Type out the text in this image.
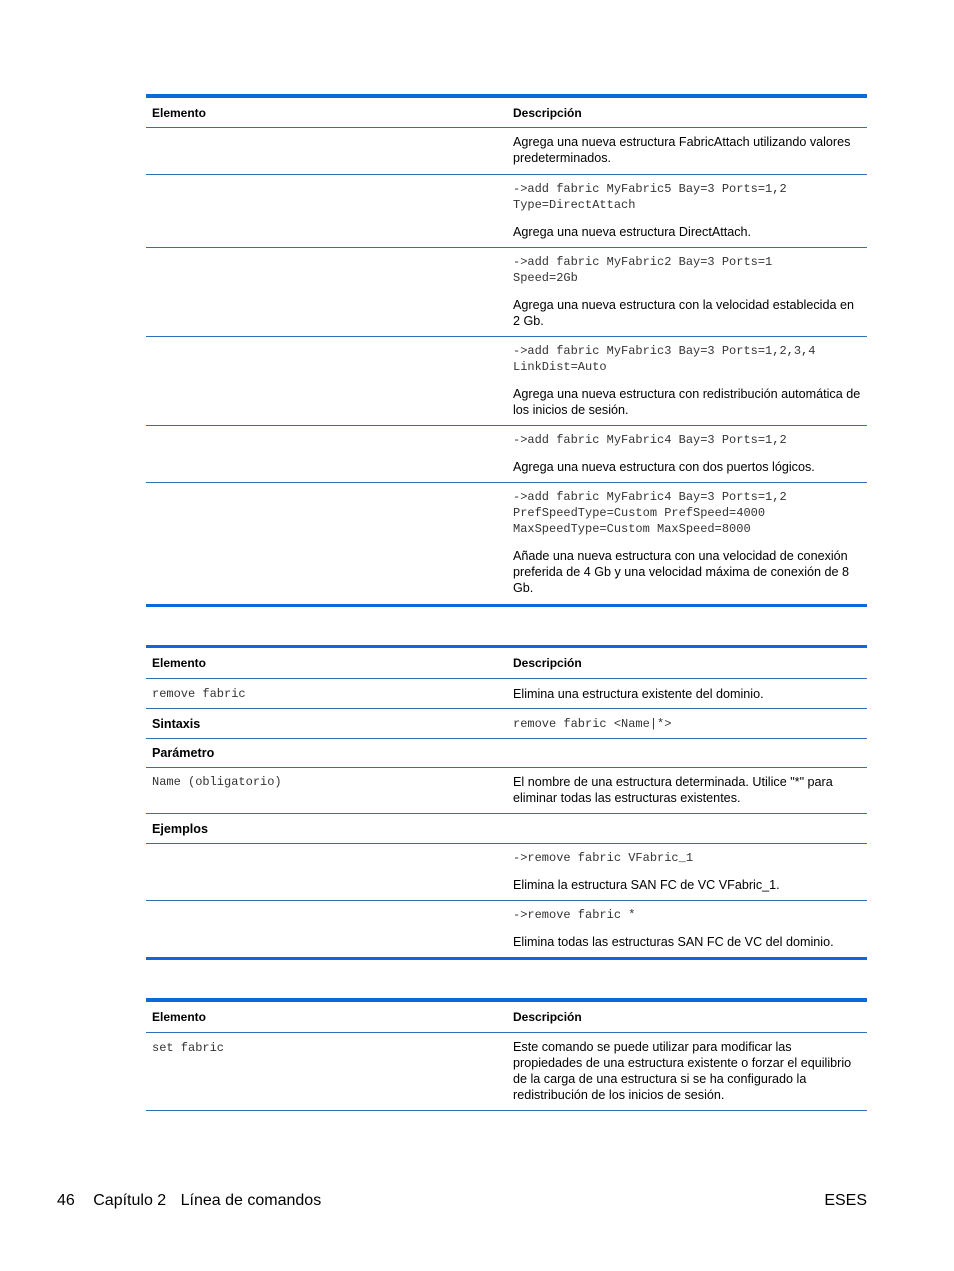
Elemento	Descripción
Agrega una nueva estructura FabricAttach utilizando valores predeterminados.
->add fabric MyFabric5 Bay=3 Ports=1,2
Type=DirectAttach
Agrega una nueva estructura DirectAttach.
->add fabric MyFabric2 Bay=3 Ports=1
Speed=2Gb
Agrega una nueva estructura con la velocidad establecida en 2 Gb.
->add fabric MyFabric3 Bay=3 Ports=1,2,3,4
LinkDist=Auto
Agrega una nueva estructura con redistribución automática de los inicios de sesión.
->add fabric MyFabric4 Bay=3 Ports=1,2
Agrega una nueva estructura con dos puertos lógicos.
->add fabric MyFabric4 Bay=3 Ports=1,2
PrefSpeedType=Custom PrefSpeed=4000
MaxSpeedType=Custom MaxSpeed=8000
Añade una nueva estructura con una velocidad de conexión preferida de 4 Gb y una velocidad máxima de conexión de 8 Gb.
Elemento	Descripción
remove fabric	Elimina una estructura existente del dominio.
Sintaxis	remove fabric <Name|*>
Parámetro
Name (obligatorio)	El nombre de una estructura determinada. Utilice "*" para eliminar todas las estructuras existentes.
Ejemplos
->remove fabric VFabric_1
Elimina la estructura SAN FC de VC VFabric_1.
->remove fabric *
Elimina todas las estructuras SAN FC de VC del dominio.
Elemento	Descripción
set fabric	Este comando se puede utilizar para modificar las propiedades de una estructura existente o forzar el equilibrio de la carga de una estructura si se ha configurado la redistribución de los inicios de sesión.
46 Capítulo 2 Línea de comandos	ESES
